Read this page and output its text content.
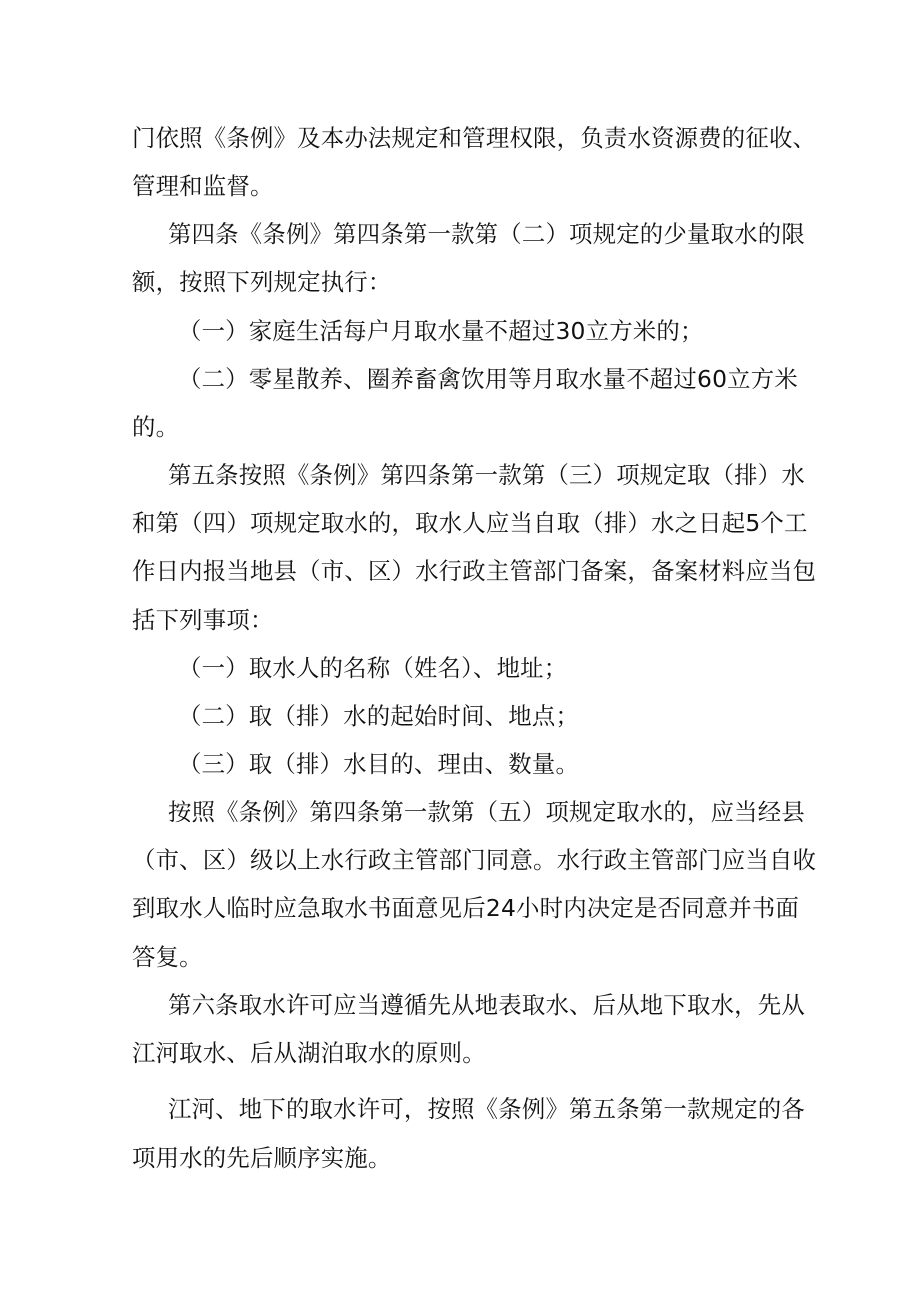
门依照《条例》及本办法规定和管理权限，负责水资源费的征收、
管理和监督。
第四条《条例》第四条第一款第（二）项规定的少量取水的限
额，按照下列规定执行：
（一）家庭生活每户月取水量不超过30立方米的；
（二）零星散养、圈养畜禽饮用等月取水量不超过60立方米
的。
第五条按照《条例》第四条第一款第（三）项规定取（排）水
和第（四）项规定取水的，取水人应当自取（排）水之日起5个工
作日内报当地县（市、区）水行政主管部门备案，备案材料应当包
括下列事项：
（一）取水人的名称（姓名）、地址；
（二）取（排）水的起始时间、地点；
（三）取（排）水目的、理由、数量。
按照《条例》第四条第一款第（五）项规定取水的，应当经县
（市、区）级以上水行政主管部门同意。水行政主管部门应当自收
到取水人临时应急取水书面意见后24小时内决定是否同意并书面
答复。
第六条取水许可应当遵循先从地表取水、后从地下取水，先从
江河取水、后从湖泊取水的原则。
江河、地下的取水许可，按照《条例》第五条第一款规定的各
项用水的先后顺序实施。
